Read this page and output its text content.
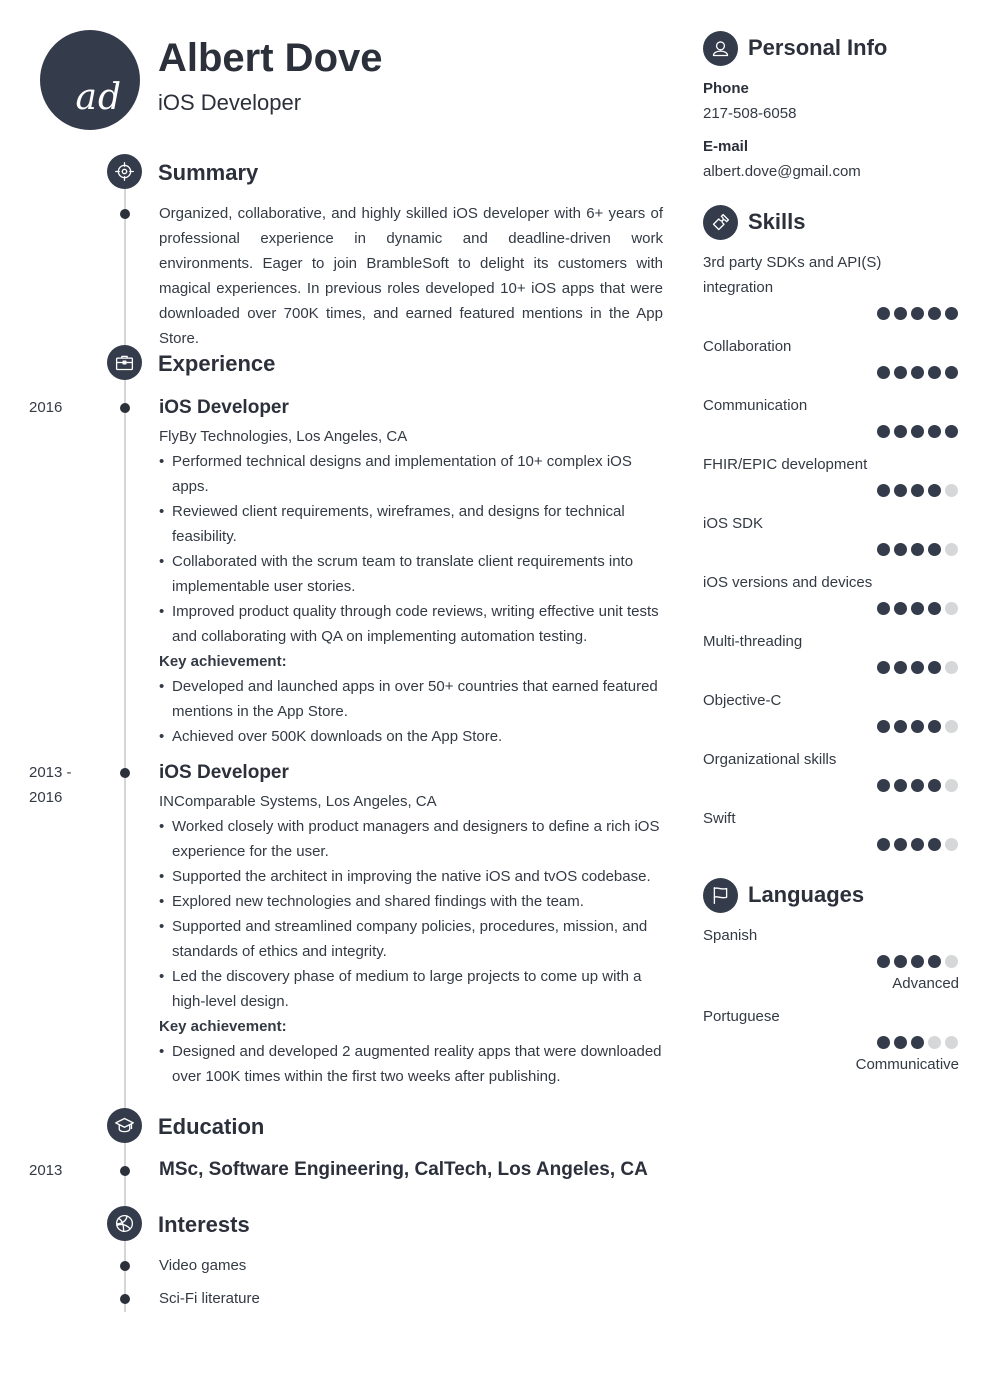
ad
Albert Dove
iOS Developer
Summary
Organized, collaborative, and highly skilled iOS developer with 6+ years of professional experience in dynamic and deadline-driven work environments. Eager to join BrambleSoft to delight its customers with magical experiences. In previous roles developed 10+ iOS apps that were downloaded over 700K times, and earned featured mentions in the App Store.
Experience
2016	iOS Developer
FlyBy Technologies, Los Angeles, CA
• Performed technical designs and implementation of 10+ complex iOS apps.
• Reviewed client requirements, wireframes, and designs for technical feasibility.
• Collaborated with the scrum team to translate client requirements into implementable user stories.
• Improved product quality through code reviews, writing effective unit tests and collaborating with QA on implementing automation testing.
Key achievement:
• Developed and launched apps in over 50+ countries that earned featured mentions in the App Store.
• Achieved over 500K downloads on the App Store.
2013 -
2016
iOS Developer
INComparable Systems, Los Angeles, CA
• Worked closely with product managers and designers to define a rich iOS experience for the user.
• Supported the architect in improving the native iOS and tvOS codebase.
• Explored new technologies and shared findings with the team.
• Supported and streamlined company policies, procedures, mission, and standards of ethics and integrity.
• Led the discovery phase of medium to large projects to come up with a high-level design.
Key achievement:
• Designed and developed 2 augmented reality apps that were downloaded over 100K times within the first two weeks after publishing.
Education
2013	MSc, Software Engineering, CalTech, Los Angeles, CA
Interests
Video games
Sci-Fi literature
Personal Info
Phone
217-508-6058
E-mail
albert.dove@gmail.com
Skills
3rd party SDKs and API(S) integration
Collaboration
Communication
FHIR/EPIC development
iOS SDK
iOS versions and devices
Multi-threading
Objective-C
Organizational skills
Swift
Languages
Spanish
Advanced
Portuguese
Communicative
